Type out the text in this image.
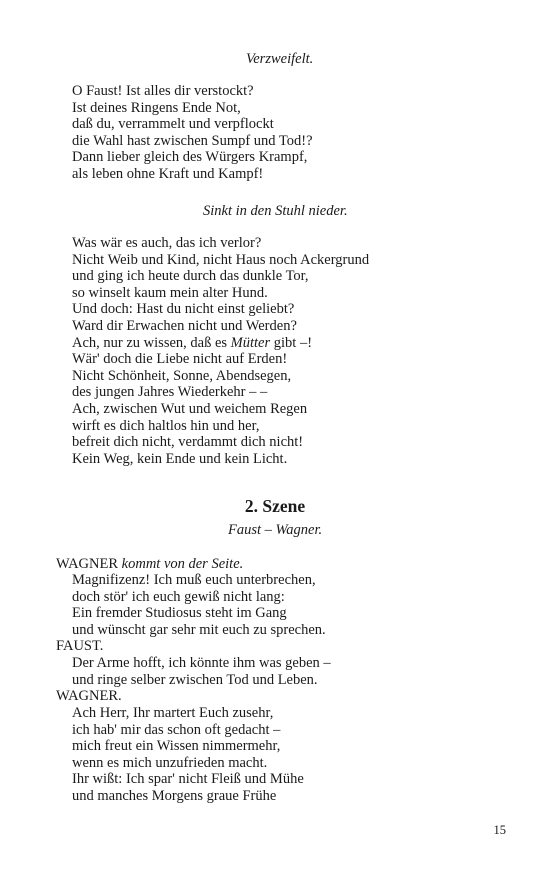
Verzweifelt.
O Faust! Ist alles dir verstockt?
Ist deines Ringens Ende Not,
daß du, verrammelt und verpflockt
die Wahl hast zwischen Sumpf und Tod!?
Dann lieber gleich des Würgers Krampf,
als leben ohne Kraft und Kampf!
Sinkt in den Stuhl nieder.
Was wär es auch, das ich verlor?
Nicht Weib und Kind, nicht Haus noch Ackergrund
und ging ich heute durch das dunkle Tor,
so winselt kaum mein alter Hund.
Und doch: Hast du nicht einst geliebt?
Ward dir Erwachen nicht und Werden?
Ach, nur zu wissen, daß es Mütter gibt –!
Wär' doch die Liebe nicht auf Erden!
Nicht Schönheit, Sonne, Abendsegen,
des jungen Jahres Wiederkehr – –
Ach, zwischen Wut und weichem Regen
wirft es dich haltlos hin und her,
befreit dich nicht, verdammt dich nicht!
Kein Weg, kein Ende und kein Licht.
2. Szene
Faust – Wagner.
WAGNER kommt von der Seite.
Magnifizenz! Ich muß euch unterbrechen,
doch stör' ich euch gewiß nicht lang:
Ein fremder Studiosus steht im Gang
und wünscht gar sehr mit euch zu sprechen.
FAUST.
Der Arme hofft, ich könnte ihm was geben –
und ringe selber zwischen Tod und Leben.
WAGNER.
Ach Herr, Ihr martert Euch zusehr,
ich hab' mir das schon oft gedacht –
mich freut ein Wissen nimmermehr,
wenn es mich unzufrieden macht.
Ihr wißt: Ich spar' nicht Fleiß und Mühe
und manches Morgens graue Frühe
15
